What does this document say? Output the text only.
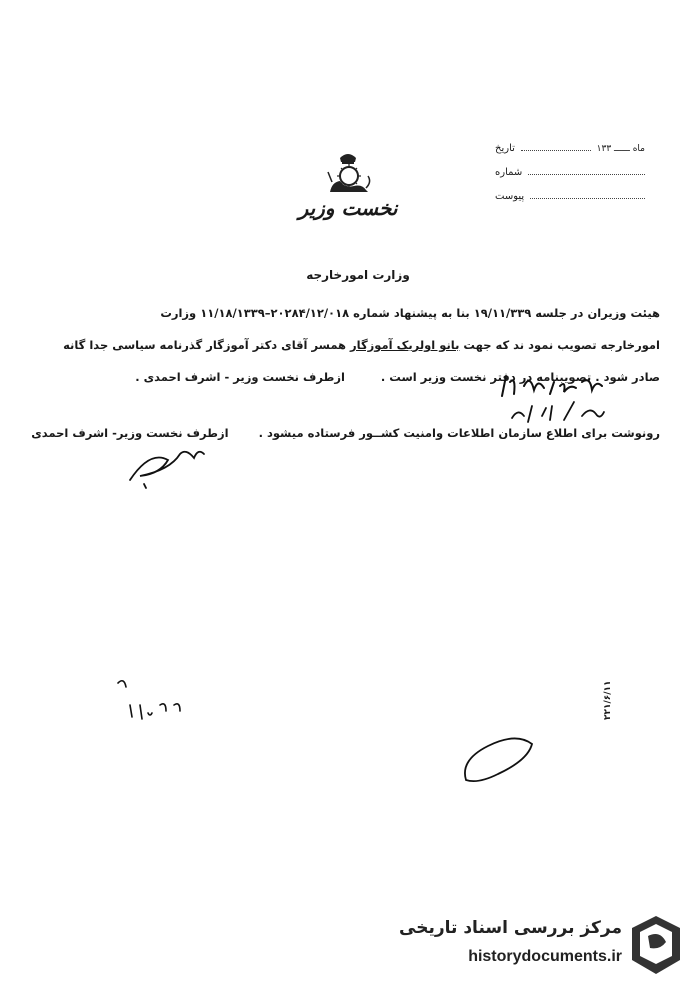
تاریخ	ماه ــــــ ۱۳۳
شماره
پیوست
نخست وزیر
وزارت امورخارجه
هیئت وزیران در جلسه ۱۹/۱۱/۳۳۹ بنا به پیشنهاد شماره ۲۰۲۸۴/۱۲/۰۱۸–۱۱/۱۸/۱۳۳۹ وزارت
امورخارجه تصویب نمود ند که جهت بانو اولریک آموزگار همسر آقای دکتر آموزگار گذرنامه سیاسی جدا گانه
صادر شود . تصویبنامه در دفتر نخست وزیر است .  ازطرف نخست وزیر - اشرف احمدی .
رونوشت برای اطلاع سازمان اطلاعات وامنیت کشــور فرستاده میشود .  ازطرف نخست وزیر- اشرف احمدی
۲۲۱/۶/۱۱
مرکز بررسی اسناد تاریخی
historydocuments.ir
